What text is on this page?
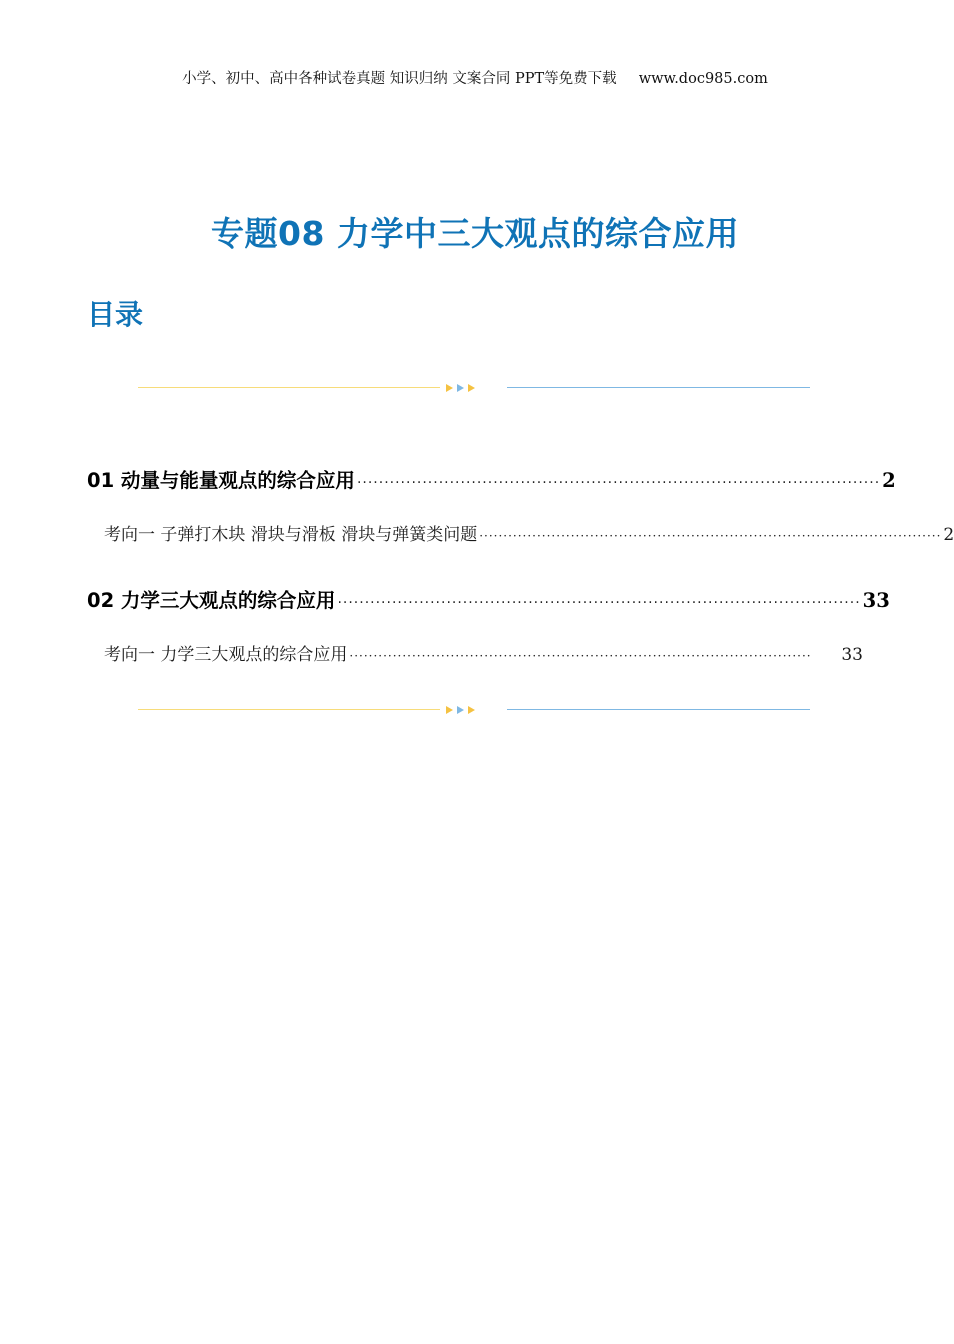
小学、初中、高中各种试卷真题 知识归纳 文案合同 PPT等免费下载 www.doc985.com
专题08 力学中三大观点的综合应用
目录
01 动量与能量观点的综合应用 ································································································ 2
考向一 子弹打木块 滑块与滑板 滑块与弹簧类问题 ································································································ 2
02 力学三大观点的综合应用 ································································································ 33
考向一 力学三大观点的综合应用 ································································································	33
